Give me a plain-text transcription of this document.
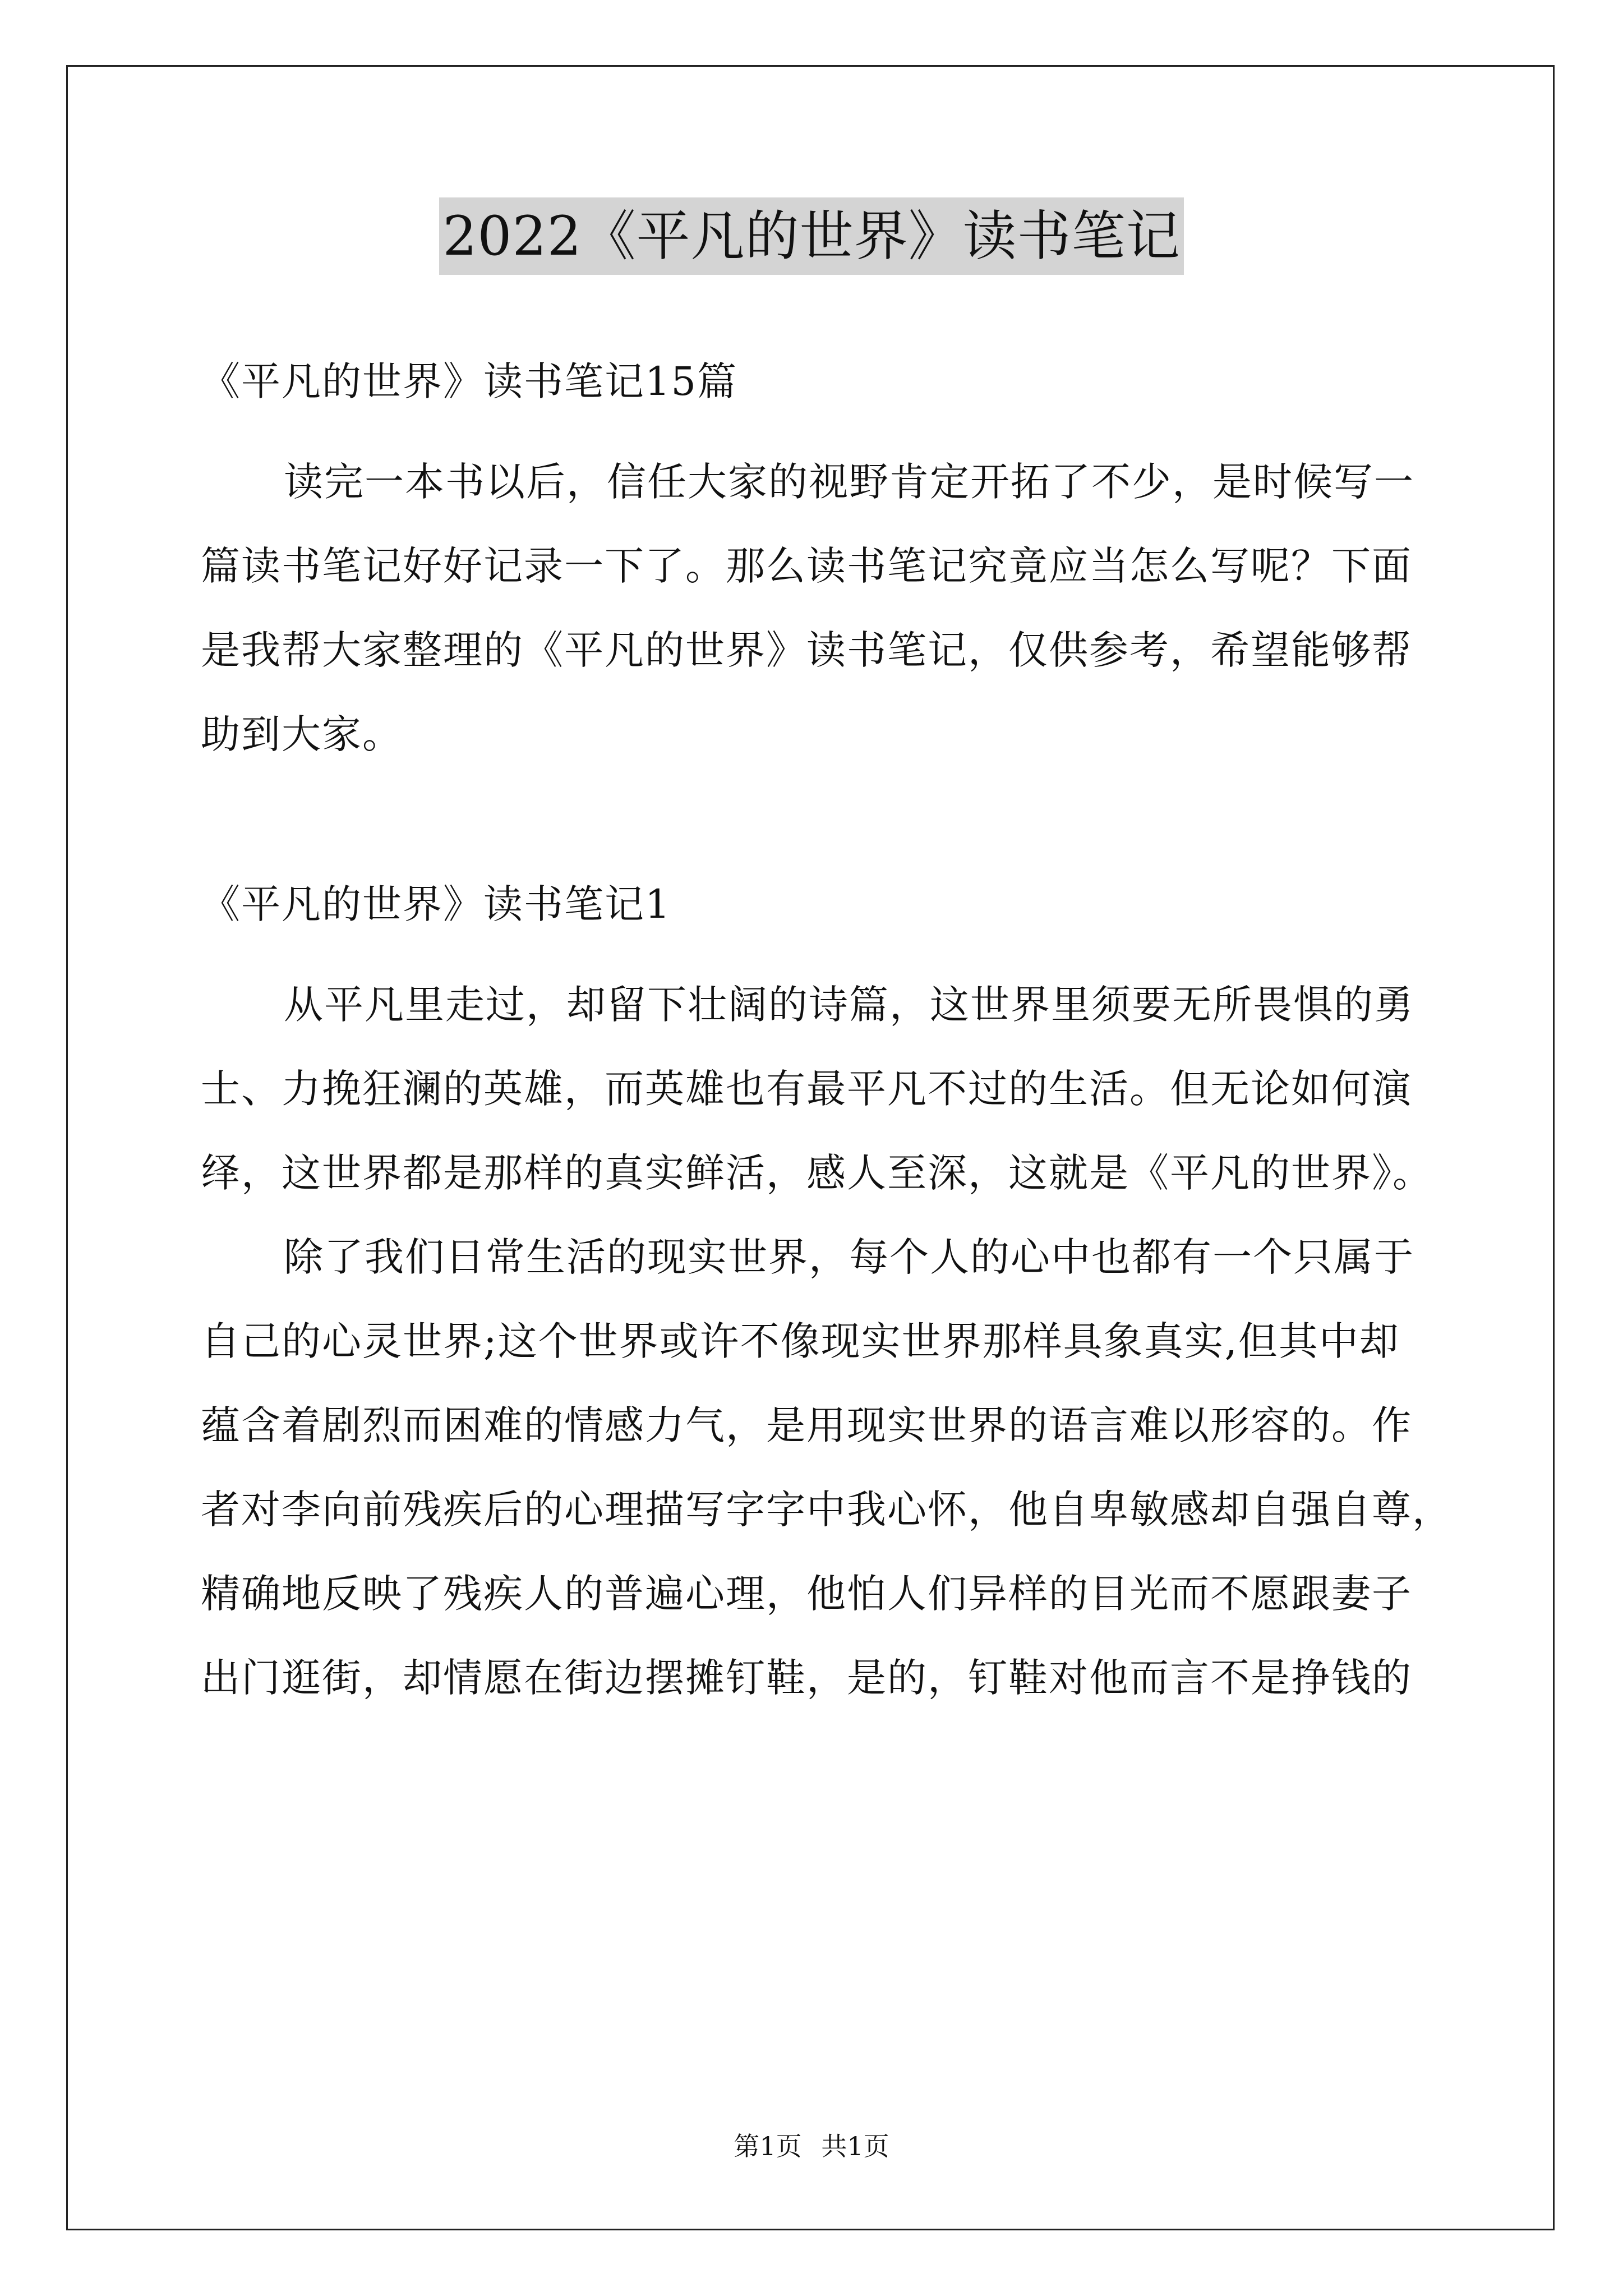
2022《平凡的世界》读书笔记
《平凡的世界》读书笔记15篇
读完一本书以后，信任大家的视野肯定开拓了不少，是时候写一
篇读书笔记好好记录一下了。那么读书笔记究竟应当怎么写呢？下面
是我帮大家整理的《平凡的世界》读书笔记，仅供参考，希望能够帮
助到大家。
《平凡的世界》读书笔记1
从平凡里走过，却留下壮阔的诗篇，这世界里须要无所畏惧的勇
士、力挽狂澜的英雄，而英雄也有最平凡不过的生活。但无论如何演
绎，这世界都是那样的真实鲜活，感人至深，这就是《平凡的世界》。
除了我们日常生活的现实世界，每个人的心中也都有一个只属于
自己的心灵世界;这个世界或许不像现实世界那样具象真实,但其中却
蕴含着剧烈而困难的情感力气，是用现实世界的语言难以形容的。作
者对李向前残疾后的心理描写字字中我心怀，他自卑敏感却自强自尊，
精确地反映了残疾人的普遍心理，他怕人们异样的目光而不愿跟妻子
出门逛街，却情愿在街边摆摊钉鞋，是的，钉鞋对他而言不是挣钱的
第1页 共1页
